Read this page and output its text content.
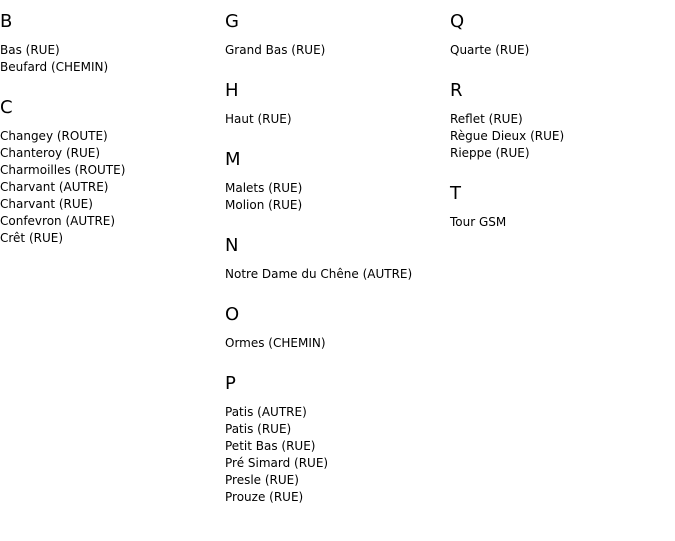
B
Bas (RUE)
Beufard (CHEMIN)
C
Changey (ROUTE)
Chanteroy (RUE)
Charmoilles (ROUTE)
Charvant (AUTRE)
Charvant (RUE)
Confevron (AUTRE)
Crêt (RUE)
G
Grand Bas (RUE)
H
Haut (RUE)
M
Malets (RUE)
Molion (RUE)
N
Notre Dame du Chêne (AUTRE)
O
Ormes (CHEMIN)
P
Patis (AUTRE)
Patis (RUE)
Petit Bas (RUE)
Pré Simard (RUE)
Presle (RUE)
Prouze (RUE)
Q
Quarte (RUE)
R
Reflet (RUE)
Règue Dieux (RUE)
Rieppe (RUE)
T
Tour GSM
